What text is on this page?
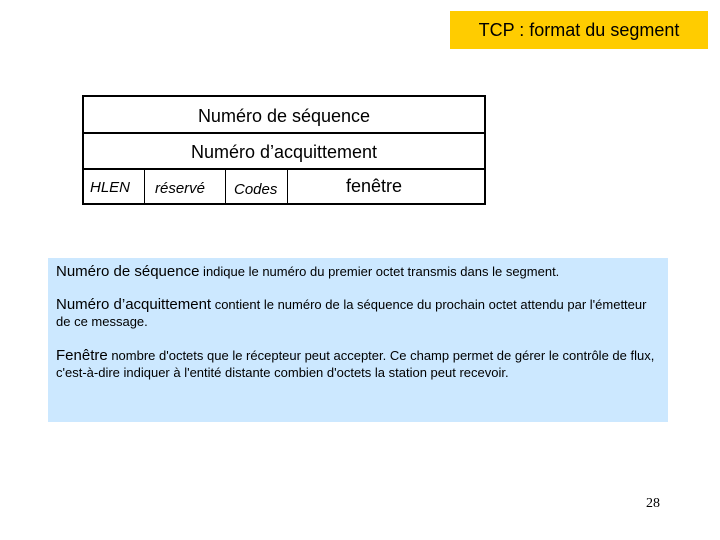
TCP : format du segment
Numéro de séquence
Numéro d’acquittement
HLEN réservé Codes	fenêtre

Numéro de séquence indique le numéro du premier octet transmis dans le segment.

Numéro d’acquittement contient le numéro de la séquence du prochain octet attendu par l'émetteur de ce message.

Fenêtre nombre d'octets que le récepteur peut accepter. Ce champ permet de gérer le contrôle de flux, c'est-à-dire indiquer à l'entité distante combien d'octets la station peut recevoir.

28
